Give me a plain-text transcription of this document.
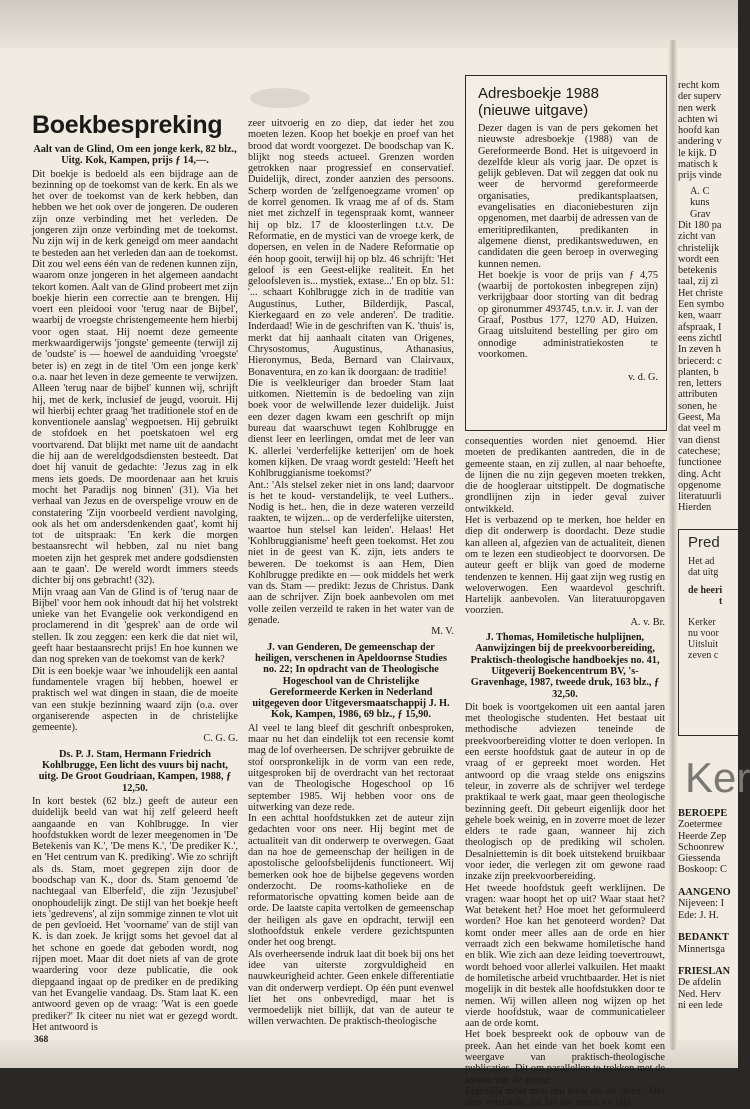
Boekbespreking
Aalt van de Glind, Om een jonge kerk, 82 blz., Uitg. Kok, Kampen, prijs ƒ 14,—.

Dit boekje is bedoeld als een bijdrage aan de bezinning op de toekomst van de kerk. En als we het over de toekomst van de kerk hebben, dan hebben we het ook over de jongeren. De ouderen zijn onze verbinding met het verleden. De jongeren zijn onze verbinding met de toekomst. Nu zijn wij in de kerk geneigd om meer aandacht te besteden aan het verleden dan aan de toekomst. Dit zou wel eens één van de redenen kunnen zijn, waarom onze jongeren in het algemeen aandacht tekort komen. Aalt van de Glind probeert met zijn boekje hierin een correctie aan te brengen. Hij voert een pleidooi voor 'terug naar de Bijbel', waarbij de vroegste christengemeente hem hierbij voor ogen staat. Hij noemt deze gemeente merkwaardigerwijs 'jongste' gemeente (terwijl zij de 'oudste' is — hoewel de aanduiding 'vroegste' beter is) en zegt in de titel 'Om een jonge kerk' o.a. naar het leven in deze gemeente te verwijzen. Alleen 'terug naar de bijbel' kunnen wij, schrijft hij, met de kerk, inclusief de jeugd, vooruit. Hij wil hierbij echter graag 'het traditionele stof en de konventionele aanslag' wegpoetsen. Hij gebruikt de stofdoek en het poetskatoen wel erg voortvarend. Dat blijkt met name uit de aandacht die hij aan de wereldgodsdiensten besteedt. Dat doet hij vanuit de gedachte: 'Jezus zag in elk mens iets goeds. De moordenaar aan het kruis mocht het Paradijs nog binnen' (31). Via het verhaal van Jezus en de overspelige vrouw en de constatering 'Zijn voorbeeld verdient navolging, ook als het om andersdenkenden gaat', komt hij tot de uitspraak: 'En kerk die morgen bestaansrecht wil hebben, zal nu niet bang moeten zijn het gesprek met andere godsdiensten aan te gaan'. De wereld wordt immers steeds dichter bij ons gebracht! (32).

Mijn vraag aan Van de Glind is of 'terug naar de Bijbel' voor hem ook inhoudt dat hij het volstrekt unieke van het Evangelie ook verkondigend en proclamerend in dit 'gesprek' aan de orde wil stellen. Ik zou zeggen: een kerk die dat niet wil, geeft haar bestaansrecht prijs! En hoe kunnen we dan nog spreken van de toekomst van de kerk?

Dit is een boekje waar 'we inhoudelijk een aantal fundamentele vragen bij hebben, hoewel er praktisch wel wat dingen in staan, die de moeite van een stukje bezinning waard zijn (o.a. over organiserende aspecten in de christelijke gemeente).

C. G. G.

Ds. P. J. Stam, Hermann Friedrich Kohlbrugge, Een licht des vuurs bij nacht, uitg. De Groot Goudriaan, Kampen, 1988, ƒ 12,50.

In kort bestek (62 blz.) geeft de auteur een duidelijk beeld van wat hij zelf geleerd heeft aangaande en van Kohlbrugge. In vier hoofdstukken wordt de lezer meegenomen in 'De Betekenis van K.', 'De mens K.', 'De prediker K.', en 'Het centrum van K. prediking'. Wie zo schrijft als ds. Stam, moet gegrepen zijn door de boodschap van K., door ds. Stam genoemd 'de nachtegaal van Elberfeld', die zijn 'Jezusjubel' onophoudelijk zingt. De stijl van het boekje heeft iets 'gedrevens', al zijn sommige zinnen te vlot uit de pen gevloeid. Het 'voorname' van de stijl van K. is dan zoek. Je krijgt soms het gevoel dat al het schone en goede dat geboden wordt, nog rijpen moet. Maar dit doet niets af van de grote waardering voor deze publicatie, die ook diepgaand ingaat op de prediker en de prediking van het Evangelie vandaag. Ds. Stam laat K. een antwoord geven op de vraag: 'Wat is een goede prediker?' Ik citeer nu niet wat er gezegd wordt. Het antwoord is

zeer uitvoerig en zo diep, dat ieder het zou moeten lezen. Koop het boekje en proef van het brood dat wordt voorgezet. De boodschap van K. blijkt nog steeds actueel. Grenzen worden getrokken naar progressief en conservatief. Duidelijk, direct, zonder aanzien des persoons. Scherp worden de 'zelfgenoegzame vromen' op de korrel genomen. Ik vraag me af of ds. Stam niet met zichzelf in tegenspraak komt, wanneer hij op blz. 17 de kloosterlingen t.t.v. De Reformatie, en de mystici van de vroege kerk, de dopersen, en velen in de Nadere Reformatie op één hoop gooit, terwijl hij op blz. 46 schrijft: 'Het geloof is een Geest-elijke realiteit. En het geloofsleven is... mystiek, extase...' En op blz. 51: '... schaart Kohlbrugge zich in de traditie van Augustinus, Luther, Bilderdijk, Pascal, Kierkegaard en zo vele anderen'. De traditie. Inderdaad! Wie in de geschriften van K. 'thuis' is, merkt dat hij aanhaalt citaten van Origenes, Chrysostomus, Augustinus, Athanasius, Hieronymus, Beda, Bernard van Clairvaux, Bonaventura, en zo kan ik doorgaan: de traditie!

Die is veelkleuriger dan broeder Stam laat uitkomen. Niettemin is de bedoeling van zijn boek voor de welwillende lezer duidelijk. Juist een dezer dagen kwam een geschrift op mijn bureau dat waarschuwt tegen Kohlbrugge en dienst leer en leerlingen, omdat met de leer van K. allerlei 'verderfelijke ketterijen' om de hoek komen kijken. De vraag wordt gesteld: 'Heeft het Kohlbruggianisme toekomst?'

Ant.: 'Als stelsel zeker niet in ons land; daarvoor is het te koud- verstandelijk, te veel Luthers.. Nodig is het.. hen, die in deze wateren verzeild raakten, te wijzen... op de verderfelijke uitersten, waartoe hun stelsel kan leiden'. Helaas! Het 'Kohlbruggianisme' heeft geen toekomst. Het zou niet in de geest van K. zijn, iets anders te beweren. De toekomst is aan Hem, Dien Kohlbrugge predikte en — ook middels het werk van ds. Stam — predikt: Jezus de Christus. Dank aan de schrijver. Zijn boek aanbevolen om met volle zeilen verzeild te raken in het water van de genade.

M. V.

J. van Genderen, De gemeenschap der heiligen, verschenen in Apeldoornse Studies no. 22; In opdracht van de Theologische Hogeschool van de Christelijke Gereformeerde Kerken in Nederland uitgegeven door Uitgeversmaatschappij J. H. Kok, Kampen, 1986, 69 blz., ƒ 15,90.

Al veel te lang bleef dit geschrift onbesproken, maar nu het dan eindelijk tot een recensie komt mag de lof overheersen. De schrijver gebruikte de stof oorspronkelijk in de vorm van een rede, uitgesproken bij de overdracht van het rectoraat van de Theologische Hogeschool op 16 september 1985. Wij hebben voor ons de uitwerking van deze rede.

In een achttal hoofdstukken zet de auteur zijn gedachten voor ons neer. Hij begint met de actualiteit van dit onderwerp te overwegen. Gaat dan na hoe de gemeenschap der heiligen in de apostolische geloofsbelijdenis functioneert. Wij bemerken ook hoe de bijbelse gegevens worden onderzocht. De rooms-katholieke en de reformatorische opvatting komen beide aan de orde. De laatste capita vertolken de gemeenschap der heiligen als gave en opdracht, terwijl een slothoofdstuk enkele verdere gezichtspunten onder het oog brengt.

Als overheersende indruk laat dit boek bij ons het idee van uiterste zorgvuldigheid en nauwkeurigheid achter. Geen enkele differentiatie van dit onderwerp verdiept. Op één punt evenwel liet het ons onbevredigd, maar het is vermoedelijk niet billijk, dat van de auteur te willen verwachten. De praktisch-theologische

Adresboekje 1988
(nieuwe uitgave)

Dezer dagen is van de pers gekomen het nieuwste adresboekje (1988) van de Gereformeerde Bond. Het is uitgevoerd in dezelfde kleur als vorig jaar. De opzet is gelijk gebleven. Dat wil zeggen dat ook nu weer de hervormd gereformeerde organisaties, predikantsplaatsen, evangelisaties en diaconiebesturen zijn opgenomen, met daarbij de adressen van de emeritipredikanten, predikanten in algemene dienst, predikantsweduwen, en candidaten die geen beroep in overweging kunnen nemen.

Het boekje is voor de prijs van ƒ 4,75 (waarbij de portokosten inbegrepen zijn) verkrijgbaar door storting van dit bedrag op gironummer 493745, t.n.v. ir. J. van der Graaf, Postbus 177, 1270 AD, Huizen. Graag uitsluitend bestelling per giro om onnodige administratiekosten te voorkomen.

v. d. G.

consequenties worden niet genoemd. Hier moeten de predikanten aantreden, die in de gemeente staan, en zij zullen, al naar behoefte, de lijnen die nu zijn gegeven moeten trekken, die de hoogleraar uitstippelt. De dogmatische grondlijnen zijn in ieder geval zuiver ontwikkeld.

Het is verbazend op te merken, hoe helder en diep dit onderwerp is doordacht. Deze studie kan alleen al, afgezien van de actualiteit, dienen om te lezen een studieobject te doorvorsen. De auteur geeft er blijk van goed de moderne tendenzen te kennen. Hij gaat zijn weg rustig en weloverwogen. Een waardevol geschrift. Hartelijk aanbevolen. Van literatuuropgaven voorzien.

A. v. Br.

J. Thomas, Homiletische hulplijnen, Aanwijzingen bij de preekvoorbereiding, Praktisch-theologische handboekjes no. 41, Uitgeverij Boekencentrum BV, 's-Gravenhage, 1987, tweede druk, 163 blz., ƒ 32,50.

Dit boek is voortgekomen uit een aantal jaren met theologische studenten. Het bestaat uit methodische adviezen teneinde de preekvoorbereiding vlotter te doen verlopen. In een eerste hoofdstuk gaat de auteur in op de vraag of er gepreekt moet worden. Het antwoord op die vraag stelde ons enigszins teleur, in zoverre als de schrijver wel terdege praktikaal te werk gaat, maar geen theologische bezinning geeft. Dit gebeurt eigenlijk door het gehele boek weinig, en in zoverre moet de lezer elders te rade gaan, wanneer hij zich theologisch op de prediking wil scholen. Desalniettemin is dit boek uitstekend bruikbaar voor ieder, die verlegen zit om gewone raad inzake zijn preekvoorbereiding.

Het tweede hoofdstuk geeft werklijnen. De vragen: waar hoopt het op uit? Waar staat het? Wat betekent het? Hoe moet het geformuleerd worden? Hoe kan het genoteerd worden? Dat komt onder meer alles aan de orde en hier verraadt zich een bekwame homiletische hand en blik. Wie zich aan deze leiding toevertrouwt, wordt behoed voor allerlei valkuilen. Het maakt de homiletische arbeid vruchtbaarder. Het is niet mogelijk in dit bestek alle hoofdstukken door te nemen. Wij willen alleen nog wijzen op het vierde hoofdstuk, waar de communicatieleer aan de orde komt.

Het boek bespreekt ook de opbouw van de preek. Aan het einde van het boek komt een weergave van praktisch-theologische publicaties. Dit om parallellen te trekken met de ideeën van de auteur.

Eigenlijk moet men een boek als dit 'doen'. Met dien verstande, dat het het meest tot zijn

recht kom
der superv
nen werk
achten wi
hoofd kan
andering v
le kijk. D
matisch k
prijs vinde
A. C
kuns
Grav
Dit 180 pa
zicht van
christelijk
wordt een
betekenis
taal, zij zi
Het christe
Een symbo
ken, waarr
afspraak, I
eens zichtl
In zeven h
briecerd: c
planten, b
ren, letters
attributen
sonen, he
Geest, Ma
dat veel m
van dienst
catechese;
functionee
ding. Acht
opgenome
literatuurli
Hierden
Pred
Het ad
dat uitg
de heeri
t
Kerker
nu voor
Uitsluit
zeven c
Ker
BEROEPE
Zoetermee
Heerde Zep
Schoonrew
Giessenda
Boskoop: C
AANGENO
Nijeveen: I
Ede: J. H.
BEDANKT
Minnertsga
FRIESLAN
De afdelin
Ned. Herv
ni een lede
368
